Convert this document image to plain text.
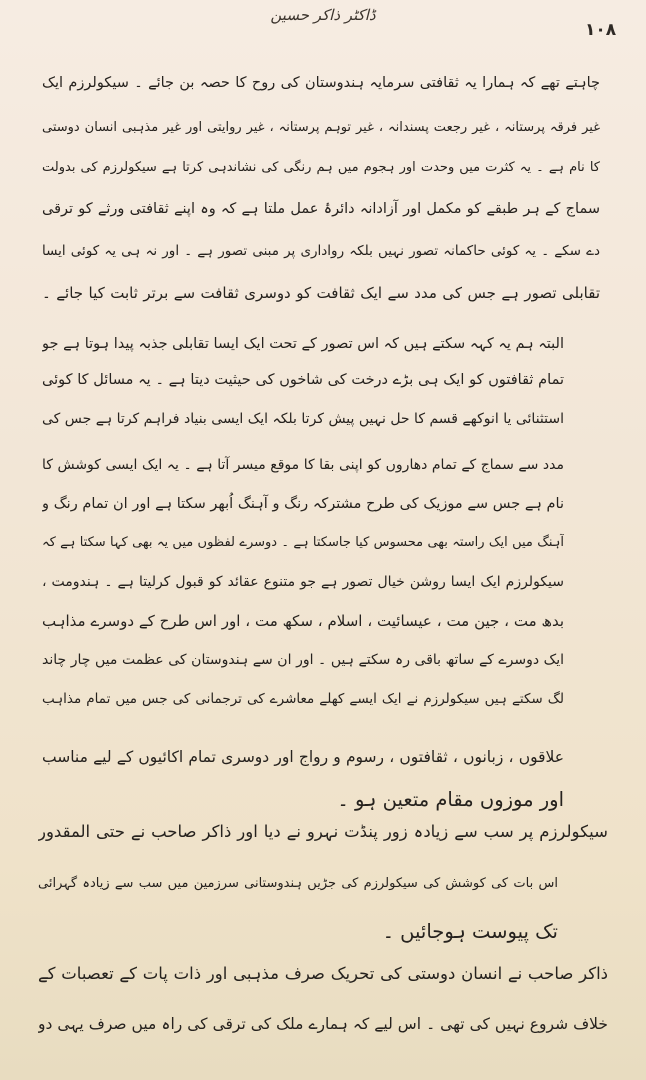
ڈاکٹر ذاکر حسین
۱۰۸
چاہتے تھے کہ ہمارا یہ ثقافتی سرمایہ ہندوستان کی روح کا حصہ بن جائے ۔ سیکولرزم ایک
غیر فرقہ پرستانہ ، غیر رجعت پسندانہ ، غیر توہم پرستانہ ، غیر روایتی اور غیر مذہبی انسان دوستی
کا نام ہے ۔ یہ کثرت میں وحدت اور ہجوم میں ہم رنگی کی نشاندہی کرتا ہے سیکولرزم کی بدولت
سماج کے ہر طبقے کو مکمل اور آزادانہ دائرۂ عمل ملتا ہے کہ وہ اپنے ثقافتی ورثے کو ترقی
دے سکے ۔ یہ کوئی حاکمانہ تصور نہیں بلکہ رواداری پر مبنی تصور ہے ۔ اور نہ ہی یہ کوئی ایسا
تقابلی تصور ہے جس کی مدد سے ایک ثقافت کو دوسری ثقافت سے برتر ثابت کیا جائے ۔
البتہ ہم یہ کہہ سکتے ہیں کہ اس تصور کے تحت ایک ایسا تقابلی جذبہ پیدا ہوتا ہے جو
تمام ثقافتوں کو ایک ہی بڑے درخت کی شاخوں کی حیثیت دیتا ہے ۔ یہ مسائل کا کوئی
استثنائی یا انوکھے قسم کا حل نہیں پیش کرتا بلکہ ایک ایسی بنیاد فراہم کرتا ہے جس کی
مدد سے سماج کے تمام دھاروں کو اپنی بقا کا موقع میسر آتا ہے ۔ یہ ایک ایسی کوشش کا
نام ہے جس سے موزیک کی طرح مشترکہ رنگ و آہنگ اُبھر سکتا ہے اور ان تمام رنگ و
آہنگ میں ایک راستہ بھی محسوس کیا جاسکتا ہے ۔ دوسرے لفظوں میں یہ بھی کہا سکتا ہے کہ
سیکولرزم ایک ایسا روشن خیال تصور ہے جو متنوع عقائد کو قبول کرلیتا ہے ۔ ہندومت ،
بدھ مت ، جین مت ، عیسائیت ، اسلام ، سکھ مت ، اور اس طرح کے دوسرے مذاہب
ایک دوسرے کے ساتھ باقی رہ سکتے ہیں ۔ اور ان سے ہندوستان کی عظمت میں چار چاند
لگ سکتے ہیں سیکولرزم نے ایک ایسے کھلے معاشرے کی ترجمانی کی جس میں تمام مذاہب
علاقوں ، زبانوں ، ثقافتوں ، رسوم و رواج اور دوسری تمام اکائیوں کے لیے مناسب
اور موزوں مقام متعین ہو ۔
سیکولرزم پر سب سے زیادہ زور پنڈت نہرو نے دیا اور ذاکر صاحب نے حتی المقدور
اس بات کی کوشش کی سیکولرزم کی جڑیں ہندوستانی سرزمین میں سب سے زیادہ گہرائی
تک پیوست ہوجائیں ۔
ذاکر صاحب نے انسان دوستی کی تحریک صرف مذہبی اور ذات پات کے تعصبات کے
خلاف شروع نہیں کی تھی ۔ اس لیے کہ ہمارے ملک کی ترقی کی راہ میں صرف یہی دو
